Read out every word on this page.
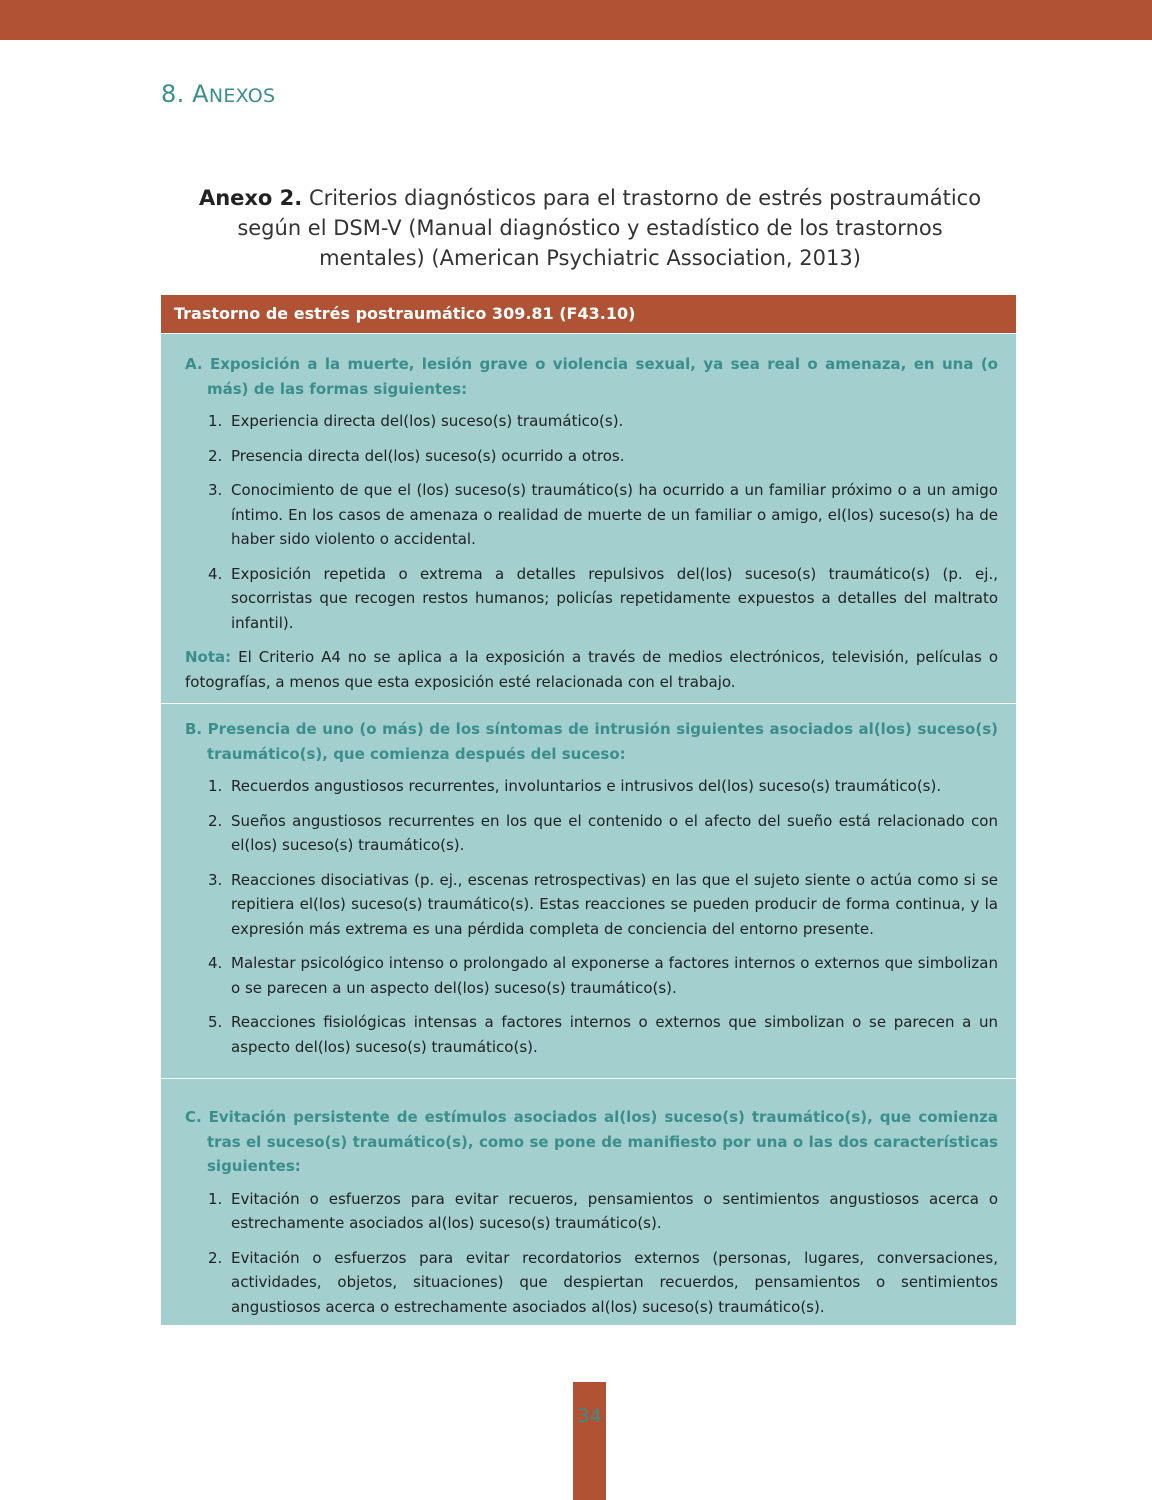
8. ANEXOS
Anexo 2. Criterios diagnósticos para el trastorno de estrés postraumático según el DSM-V (Manual diagnóstico y estadístico de los trastornos mentales) (American Psychiatric Association, 2013)
Trastorno de estrés postraumático 309.81 (F43.10)
A. Exposición a la muerte, lesión grave o violencia sexual, ya sea real o amenaza, en una (o más) de las formas siguientes:
1. Experiencia directa del(los) suceso(s) traumático(s).
2. Presencia directa del(los) suceso(s) ocurrido a otros.
3. Conocimiento de que el (los) suceso(s) traumático(s) ha ocurrido a un familiar próximo o a un amigo íntimo. En los casos de amenaza o realidad de muerte de un familiar o amigo, el(los) suceso(s) ha de haber sido violento o accidental.
4. Exposición repetida o extrema a detalles repulsivos del(los) suceso(s) traumático(s) (p. ej., socorristas que recogen restos humanos; policías repetidamente expuestos a detalles del maltrato infantil).
Nota: El Criterio A4 no se aplica a la exposición a través de medios electrónicos, televisión, películas o fotografías, a menos que esta exposición esté relacionada con el trabajo.
B. Presencia de uno (o más) de los síntomas de intrusión siguientes asociados al(los) suceso(s) traumático(s), que comienza después del suceso:
1. Recuerdos angustiosos recurrentes, involuntarios e intrusivos del(los) suceso(s) traumático(s).
2. Sueños angustiosos recurrentes en los que el contenido o el afecto del sueño está relacionado con el(los) suceso(s) traumático(s).
3. Reacciones disociativas (p. ej., escenas retrospectivas) en las que el sujeto siente o actúa como si se repitiera el(los) suceso(s) traumático(s). Estas reacciones se pueden producir de forma continua, y la expresión más extrema es una pérdida completa de conciencia del entorno presente.
4. Malestar psicológico intenso o prolongado al exponerse a factores internos o externos que simbolizan o se parecen a un aspecto del(los) suceso(s) traumático(s).
5. Reacciones fisiológicas intensas a factores internos o externos que simbolizan o se parecen a un aspecto del(los) suceso(s) traumático(s).
C. Evitación persistente de estímulos asociados al(los) suceso(s) traumático(s), que comienza tras el suceso(s) traumático(s), como se pone de manifiesto por una o las dos características siguientes:
1. Evitación o esfuerzos para evitar recueros, pensamientos o sentimientos angustiosos acerca o estrechamente asociados al(los) suceso(s) traumático(s).
2. Evitación o esfuerzos para evitar recordatorios externos (personas, lugares, conversaciones, actividades, objetos, situaciones) que despiertan recuerdos, pensamientos o sentimientos angustiosos acerca o estrechamente asociados al(los) suceso(s) traumático(s).
34
